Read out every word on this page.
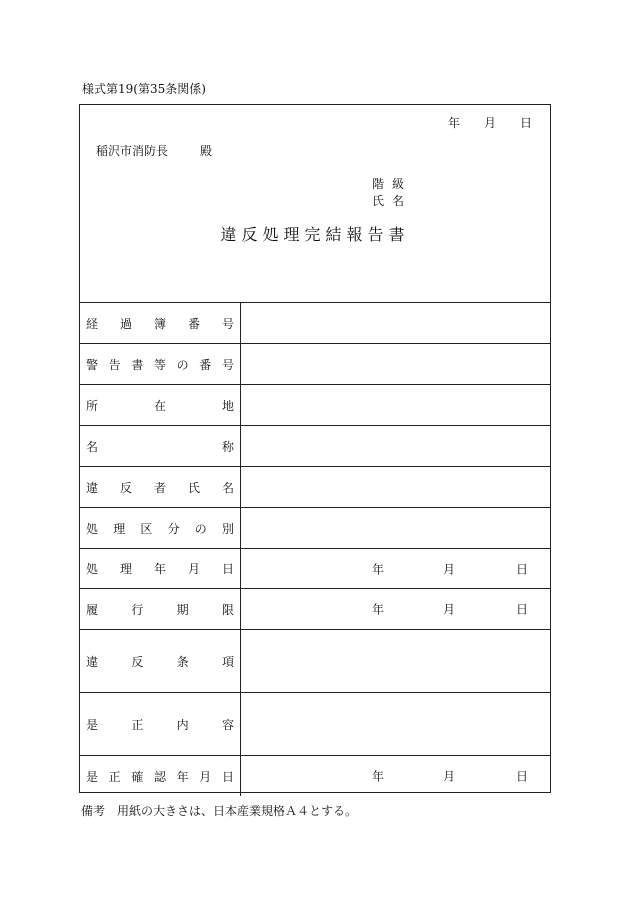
様式第19(第35条関係)
年 月 日
稲沢市消防長	殿
階級
氏名
違反処理完結報告書
経 過 簿 番 号
警 告 書 等 の 番 号
所	在	地
名	称
違 反 者 氏 名
処 理 区 分 の 別
処 理 年 月 日	年	月	日
履	行	期	限	年	月	日
違	反	条	項
是	正	内	容
是 正 確 認 年 月 日	年	月	日
備考　用紙の大きさは、日本産業規格Ａ４とする。
